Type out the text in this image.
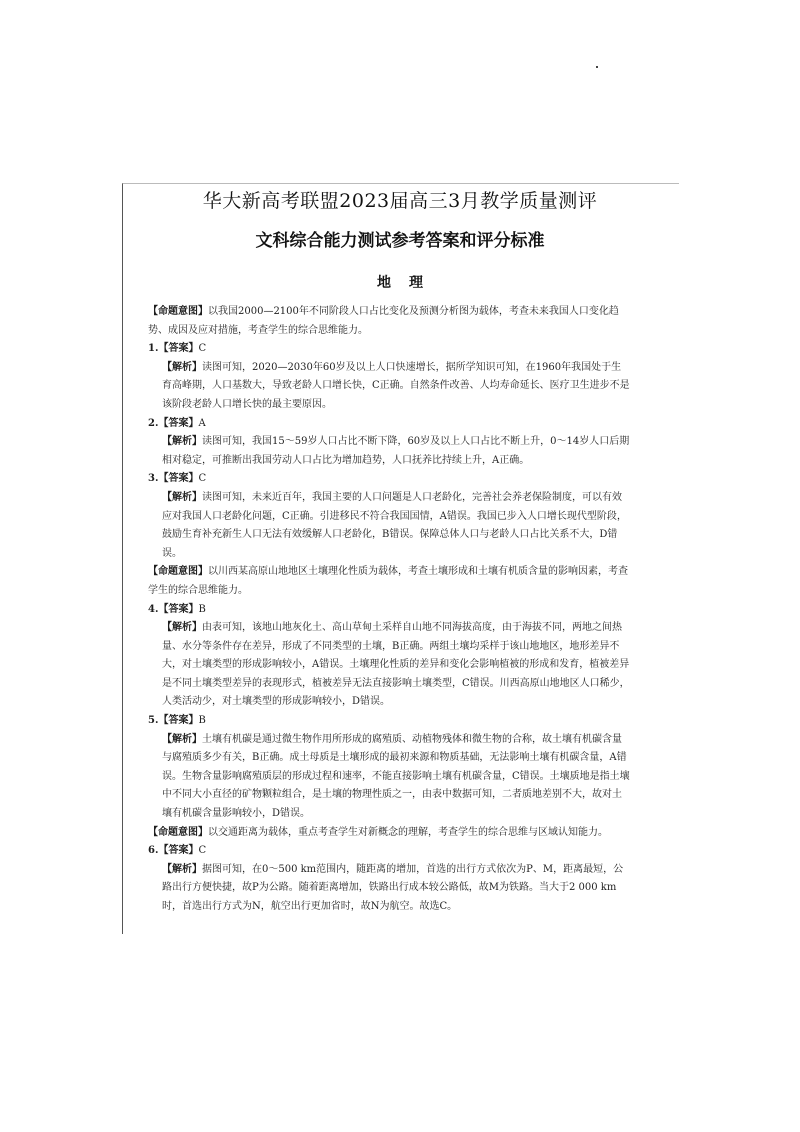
华大新高考联盟2023届高三3月教学质量测评
文科综合能力测试参考答案和评分标准
地理

【命题意图】以我国2000—2100年不同阶段人口占比变化及预测分析图为载体，考查未来我国人口变化趋势、成因及应对措施，考查学生的综合思维能力。

1.【答案】C

【解析】读图可知，2020—2030年60岁及以上人口快速增长，据所学知识可知，在1960年我国处于生育高峰期，人口基数大，导致老龄人口增长快，C正确。自然条件改善、人均寿命延长、医疗卫生进步不是该阶段老龄人口增长快的最主要原因。

2.【答案】A

【解析】读图可知，我国15～59岁人口占比不断下降，60岁及以上人口占比不断上升，0～14岁人口后期相对稳定，可推断出我国劳动人口占比为增加趋势，人口抚养比持续上升，A正确。

3.【答案】C

【解析】读图可知，未来近百年，我国主要的人口问题是人口老龄化，完善社会养老保险制度，可以有效应对我国人口老龄化问题，C正确。引进移民不符合我国国情，A错误。我国已步入人口增长现代型阶段，鼓励生育补充新生人口无法有效缓解人口老龄化，B错误。保障总体人口与老龄人口占比关系不大，D错误。

【命题意图】以川西某高原山地地区土壤理化性质为载体，考查土壤形成和土壤有机质含量的影响因素，考查学生的综合思维能力。

4.【答案】B

【解析】由表可知，该地山地灰化土、高山草甸土采样自山地不同海拔高度，由于海拔不同，两地之间热量、水分等条件存在差异，形成了不同类型的土壤，B正确。两组土壤均采样于该山地地区，地形差异不大，对土壤类型的形成影响较小，A错误。土壤理化性质的差异和变化会影响植被的形成和发育，植被差异是不同土壤类型差异的表现形式，植被差异无法直接影响土壤类型，C错误。川西高原山地地区人口稀少，人类活动少，对土壤类型的形成影响较小，D错误。

5.【答案】B

【解析】土壤有机碳是通过微生物作用所形成的腐殖质、动植物残体和微生物的合称，故土壤有机碳含量与腐殖质多少有关，B正确。成土母质是土壤形成的最初来源和物质基础，无法影响土壤有机碳含量，A错误。生物含量影响腐殖质层的形成过程和速率，不能直接影响土壤有机碳含量，C错误。土壤质地是指土壤中不同大小直径的矿物颗粒组合，是土壤的物理性质之一，由表中数据可知，二者质地差别不大，故对土壤有机碳含量影响较小，D错误。

【命题意图】以交通距离为载体，重点考查学生对新概念的理解，考查学生的综合思维与区域认知能力。

6.【答案】C

【解析】据图可知，在0～500 km范围内，随距离的增加，首选的出行方式依次为P、M，距离最短，公路出行方便快捷，故P为公路。随着距离增加，铁路出行成本较公路低，故M为铁路。当大于2 000 km时，首选出行方式为N，航空出行更加省时，故N为航空。故选C。
